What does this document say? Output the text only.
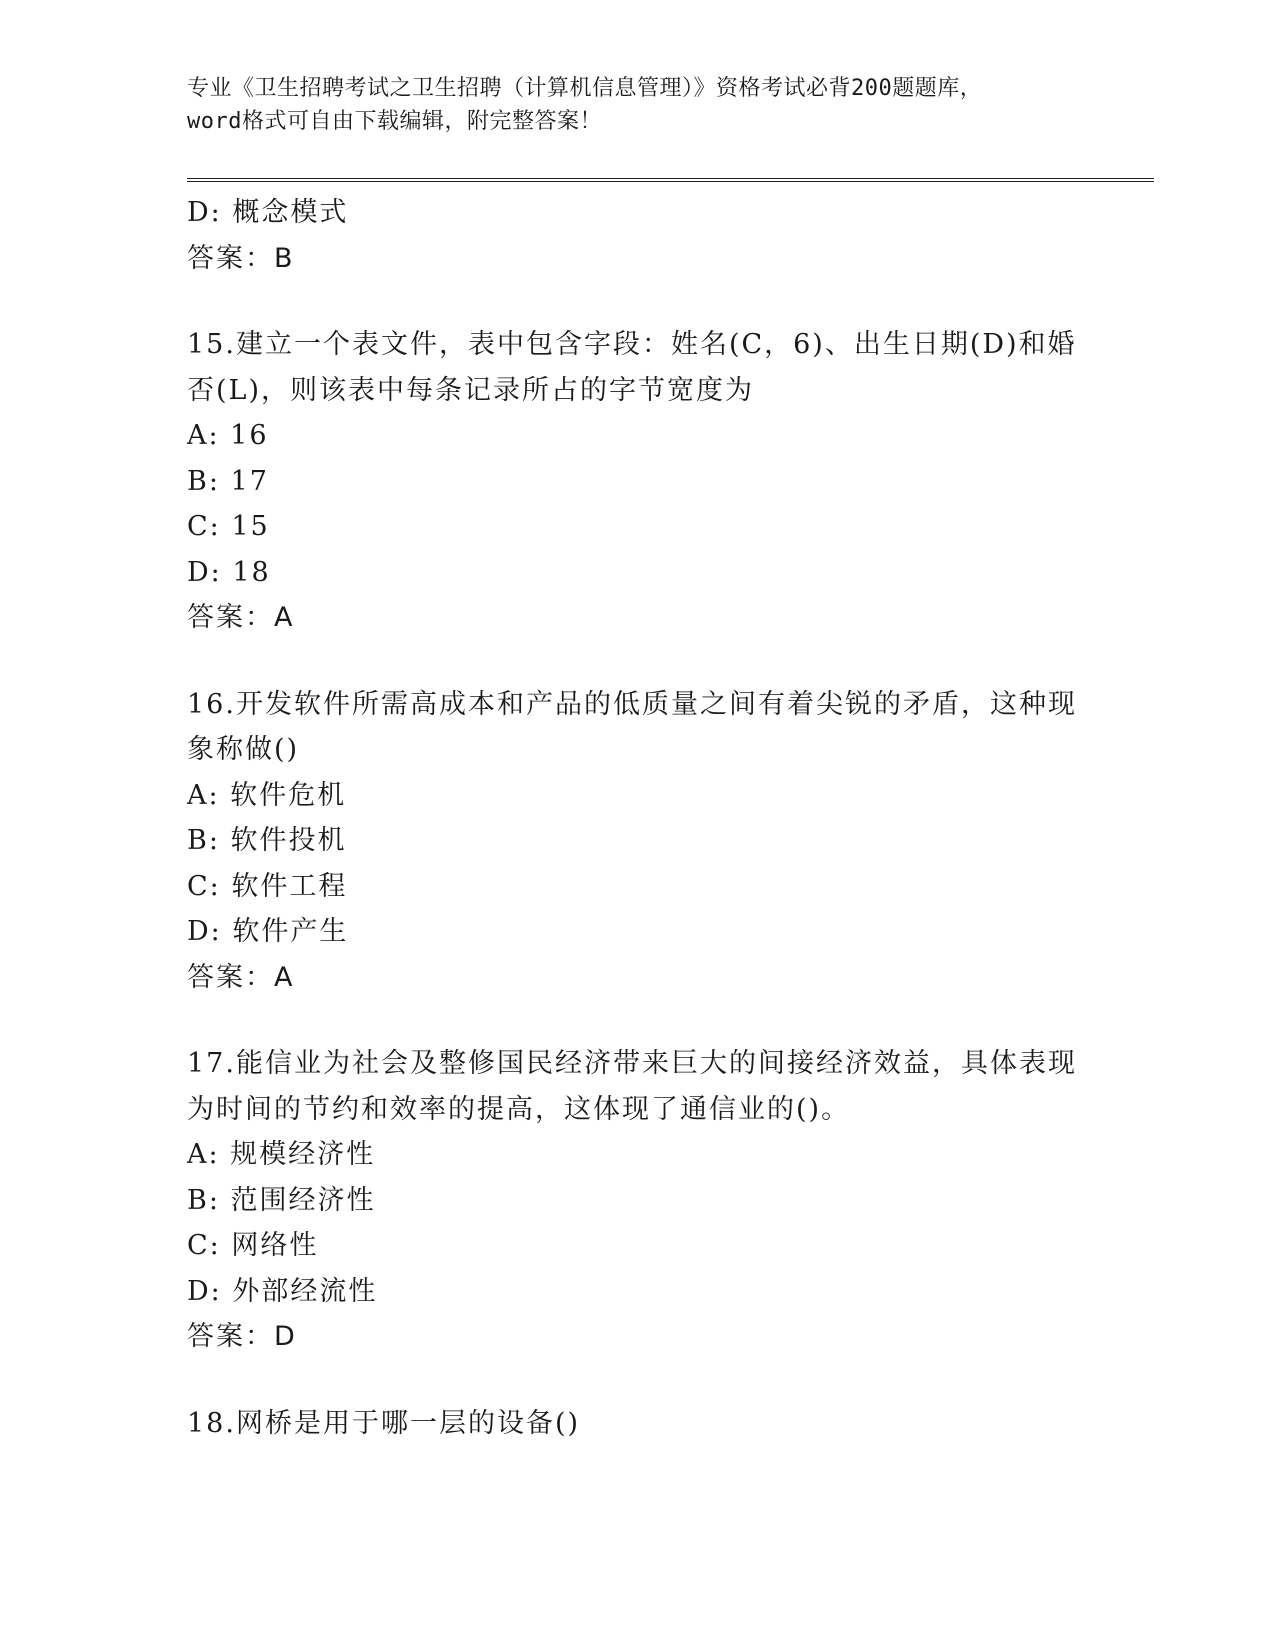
专业《卫生招聘考试之卫生招聘（计算机信息管理）》资格考试必背200题题库，
word格式可自由下载编辑，附完整答案！
D: 概念模式
答案：B
15.建立一个表文件，表中包含字段：姓名(C，6)、出生日期(D)和婚
否(L)，则该表中每条记录所占的字节宽度为
A: 16
B: 17
C: 15
D: 18
答案：A
16.开发软件所需高成本和产品的低质量之间有着尖锐的矛盾，这种现
象称做()
A: 软件危机
B: 软件投机
C: 软件工程
D: 软件产生
答案：A
17.能信业为社会及整修国民经济带来巨大的间接经济效益，具体表现
为时间的节约和效率的提高，这体现了通信业的()。
A: 规模经济性
B: 范围经济性
C: 网络性
D: 外部经流性
答案：D
18.网桥是用于哪一层的设备()
